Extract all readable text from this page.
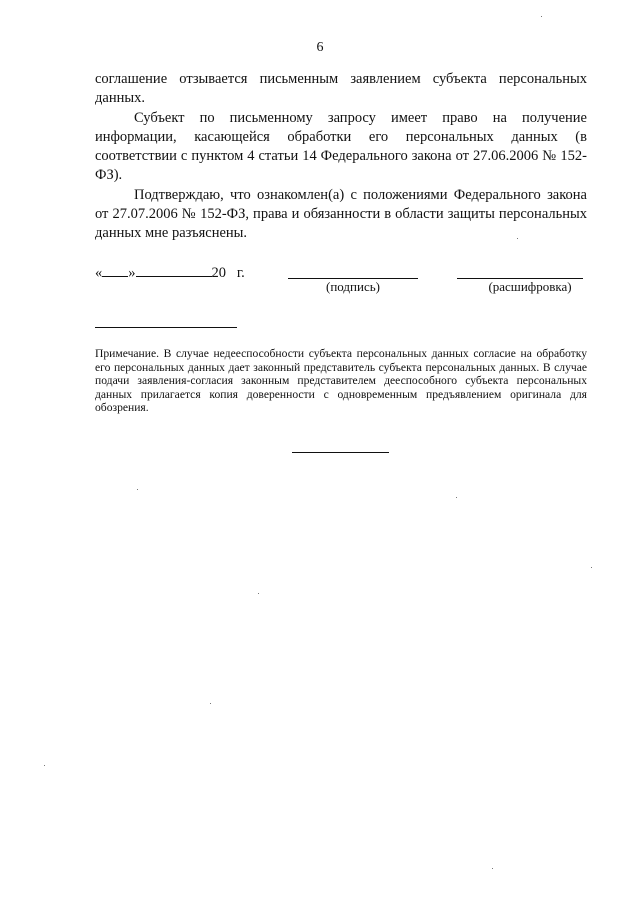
6

соглашение отзывается письменным заявлением субъекта персональных данных.

Субъект по письменному запросу имеет право на получение информации, касающейся обработки его персональных данных (в соответствии с пунктом 4 статьи 14 Федерального закона от 27.06.2006 № 152-ФЗ).

Подтверждаю, что ознакомлен(а) с положениями Федерального закона от 27.07.2006 № 152-ФЗ, права и обязанности в области защиты персональных данных мне разъяснены.

« »	20   г.
(подпись)	(расшифровка)

Примечание. В случае недееспособности субъекта персональных данных согласие на обработку его персональных данных дает законный представитель субъекта персональных данных. В случае подачи заявления-согласия законным представителем дееспособного субъекта персональных данных прилагается копия доверенности с одновременным предъявлением оригинала для обозрения.
